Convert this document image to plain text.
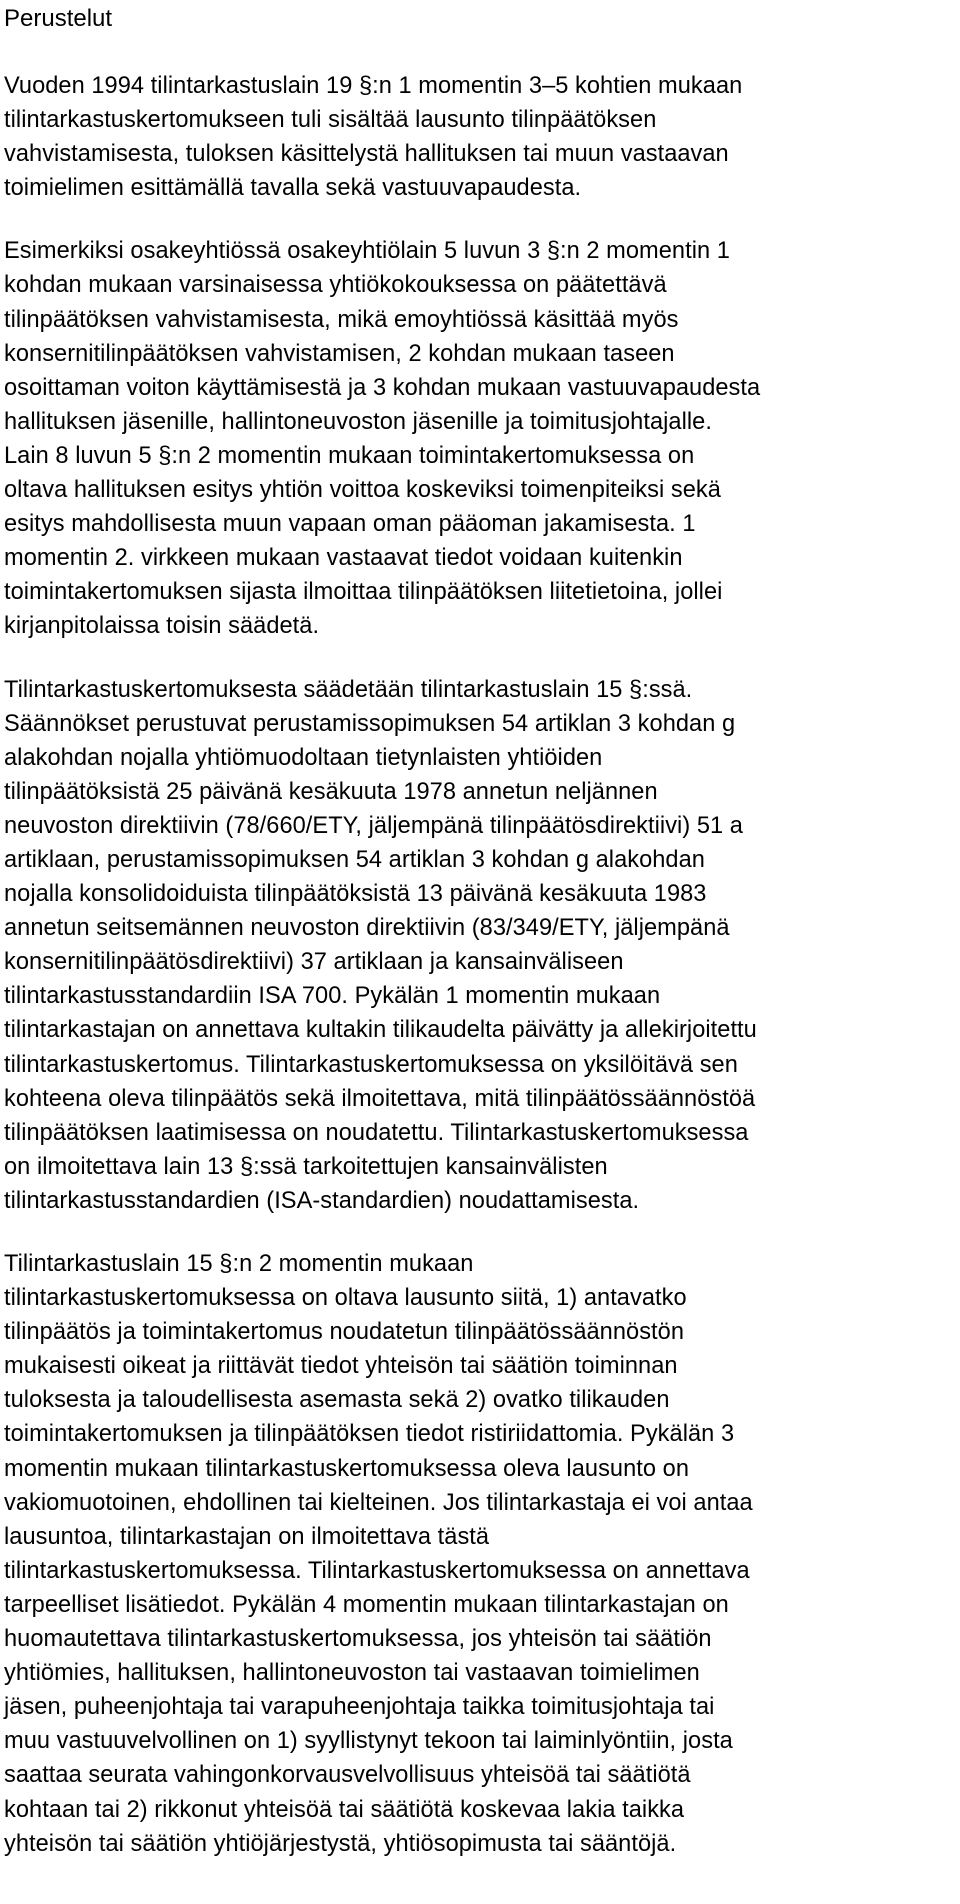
Perustelut

Vuoden 1994 tilintarkastuslain 19 §:n 1 momentin 3–5 kohtien mukaan
tilintarkastuskertomukseen tuli sisältää lausunto tilinpäätöksen
vahvistamisesta, tuloksen käsittelystä hallituksen tai muun vastaavan
toimielimen esittämällä tavalla sekä vastuuvapaudesta.

Esimerkiksi osakeyhtiössä osakeyhtiölain 5 luvun 3 §:n 2 momentin 1
kohdan mukaan varsinaisessa yhtiökokouksessa on päätettävä
tilinpäätöksen vahvistamisesta, mikä emoyhtiössä käsittää myös
konsernitilinpäätöksen vahvistamisen, 2 kohdan mukaan taseen
osoittaman voiton käyttämisestä ja 3 kohdan mukaan vastuuvapaudesta
hallituksen jäsenille, hallintoneuvoston jäsenille ja toimitusjohtajalle.
Lain 8 luvun 5 §:n 2 momentin mukaan toimintakertomuksessa on
oltava hallituksen esitys yhtiön voittoa koskeviksi toimenpiteiksi sekä
esitys mahdollisesta muun vapaan oman pääoman jakamisesta. 1
momentin 2. virkkeen mukaan vastaavat tiedot voidaan kuitenkin
toimintakertomuksen sijasta ilmoittaa tilinpäätöksen liitetietoina, jollei
kirjanpitolaissa toisin säädetä.

Tilintarkastuskertomuksesta säädetään tilintarkastuslain 15 §:ssä.
Säännökset perustuvat perustamissopimuksen 54 artiklan 3 kohdan g
alakohdan nojalla yhtiömuodoltaan tietynlaisten yhtiöiden
tilinpäätöksistä 25 päivänä kesäkuuta 1978 annetun neljännen
neuvoston direktiivin (78/660/ETY, jäljempänä tilinpäätösdirektiivi) 51 a
artiklaan, perustamissopimuksen 54 artiklan 3 kohdan g alakohdan
nojalla konsolidoiduista tilinpäätöksistä 13 päivänä kesäkuuta 1983
annetun seitsemännen neuvoston direktiivin (83/349/ETY, jäljempänä
konsernitilinpäätösdirektiivi) 37 artiklaan ja kansainväliseen
tilintarkastusstandardiin ISA 700. Pykälän 1 momentin mukaan
tilintarkastajan on annettava kultakin tilikaudelta päivätty ja allekirjoitettu
tilintarkastuskertomus. Tilintarkastuskertomuksessa on yksilöitävä sen
kohteena oleva tilinpäätös sekä ilmoitettava, mitä tilinpäätössäännöstöä
tilinpäätöksen laatimisessa on noudatettu. Tilintarkastuskertomuksessa
on ilmoitettava lain 13 §:ssä tarkoitettujen kansainvälisten
tilintarkastusstandardien (ISA-standardien) noudattamisesta.

Tilintarkastuslain 15 §:n 2 momentin mukaan
tilintarkastuskertomuksessa on oltava lausunto siitä, 1) antavatko
tilinpäätös ja toimintakertomus noudatetun tilinpäätössäännöstön
mukaisesti oikeat ja riittävät tiedot yhteisön tai säätiön toiminnan
tuloksesta ja taloudellisesta asemasta sekä 2) ovatko tilikauden
toimintakertomuksen ja tilinpäätöksen tiedot ristiriidattomia. Pykälän 3
momentin mukaan tilintarkastuskertomuksessa oleva lausunto on
vakiomuotoinen, ehdollinen tai kielteinen. Jos tilintarkastaja ei voi antaa
lausuntoa, tilintarkastajan on ilmoitettava tästä
tilintarkastuskertomuksessa. Tilintarkastuskertomuksessa on annettava
tarpeelliset lisätiedot. Pykälän 4 momentin mukaan tilintarkastajan on
huomautettava tilintarkastuskertomuksessa, jos yhteisön tai säätiön
yhtiömies, hallituksen, hallintoneuvoston tai vastaavan toimielimen
jäsen, puheenjohtaja tai varapuheenjohtaja taikka toimitusjohtaja tai
muu vastuuvelvollinen on 1) syyllistynyt tekoon tai laiminlyöntiin, josta
saattaa seurata vahingonkorvausvelvollisuus yhteisöä tai säätiötä
kohtaan tai 2) rikkonut yhteisöä tai säätiötä koskevaa lakia taikka
yhteisön tai säätiön yhtiöjärjestystä, yhtiösopimusta tai sääntöjä.
